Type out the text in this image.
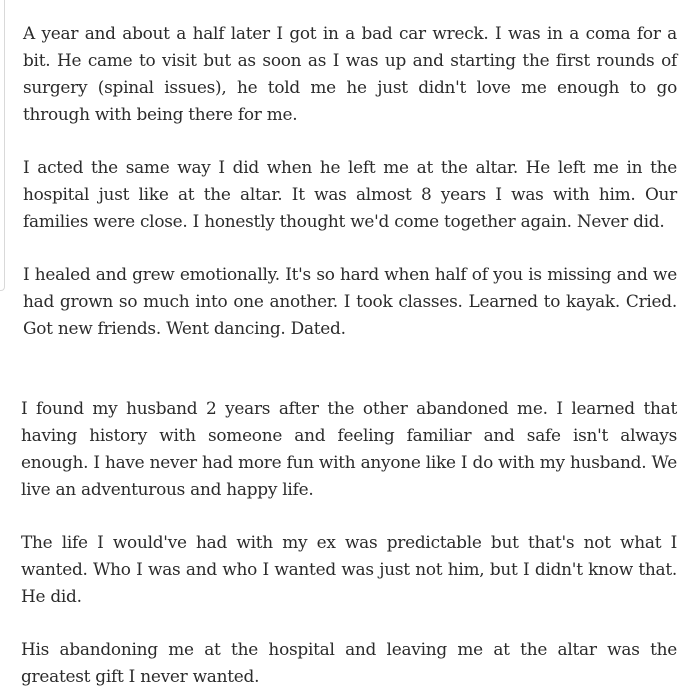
A year and about a half later I got in a bad car wreck. I was in a coma for a bit. He came to visit but as soon as I was up and starting the first rounds of surgery (spinal issues), he told me he just didn't love me enough to go through with being there for me.

I acted the same way I did when he left me at the altar. He left me in the hospital just like at the altar. It was almost 8 years I was with him. Our families were close. I honestly thought we'd come together again. Never did.

I healed and grew emotionally. It's so hard when half of you is missing and we had grown so much into one another. I took classes. Learned to kayak. Cried. Got new friends. Went dancing. Dated.

I found my husband 2 years after the other abandoned me. I learned that having history with someone and feeling familiar and safe isn't always enough. I have never had more fun with anyone like I do with my husband. We live an adventurous and happy life.

The life I would've had with my ex was predictable but that's not what I wanted. Who I was and who I wanted was just not him, but I didn't know that. He did.

His abandoning me at the hospital and leaving me at the altar was the greatest gift I never wanted.
